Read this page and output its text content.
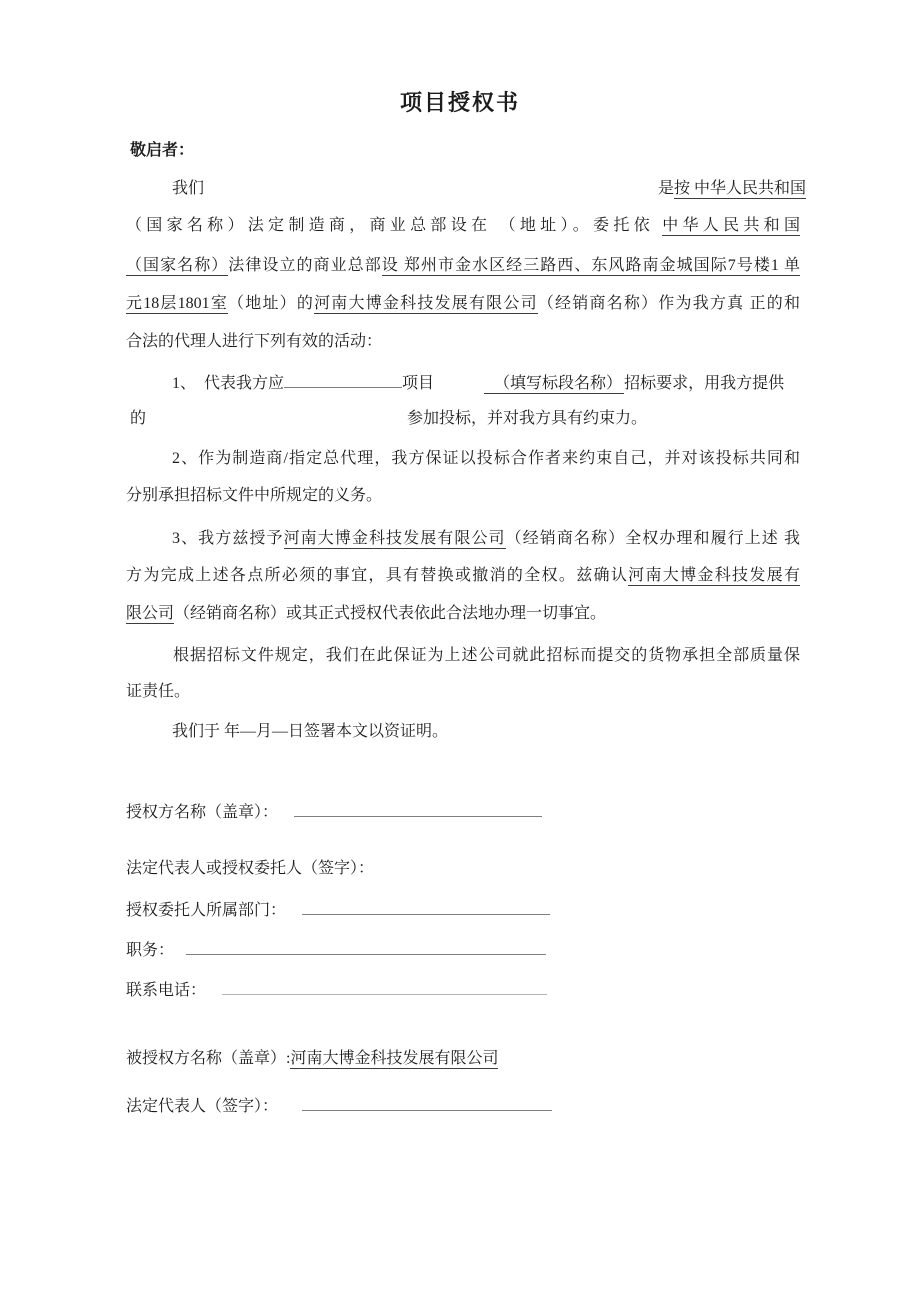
项目授权书
敬启者：
我们	是按 中华人民共和国
（国家名称）法定制造商，商业总部设在 （地址）。委托依 中华人民共和国
（国家名称）法律设立的商业总部设 郑州市金水区经三路西、东风路南金城国际7号楼1 单
元18层1801室（地址）的河南大博金科技发展有限公司（经销商名称）作为我方真 正的和
合法的代理人进行下列有效的活动：
1、 代表我方应	项目	（填写标段名称） 招标要求，用我方提供
的	参加投标，并对我方具有约束力。
2、作为制造商/指定总代理，我方保证以投标合作者来约束自己，并对该投标共同和
分别承担招标文件中所规定的义务。
3、我方兹授予河南大博金科技发展有限公司（经销商名称）全权办理和履行上述 我
方为完成上述各点所必须的事宜，具有替换或撤消的全权。兹确认河南大博金科技发展有
限公司（经销商名称）或其正式授权代表依此合法地办理一切事宜。
根据招标文件规定，我们在此保证为上述公司就此招标而提交的货物承担全部质量保
证责任。
我们于 年—月—日签署本文以资证明。
授权方名称（盖章）：
法定代表人或授权委托人（签字）：
授权委托人所属部门：
职务：
联系电话：
被授权方名称（盖章）:河南大博金科技发展有限公司
法定代表人（签字）：
